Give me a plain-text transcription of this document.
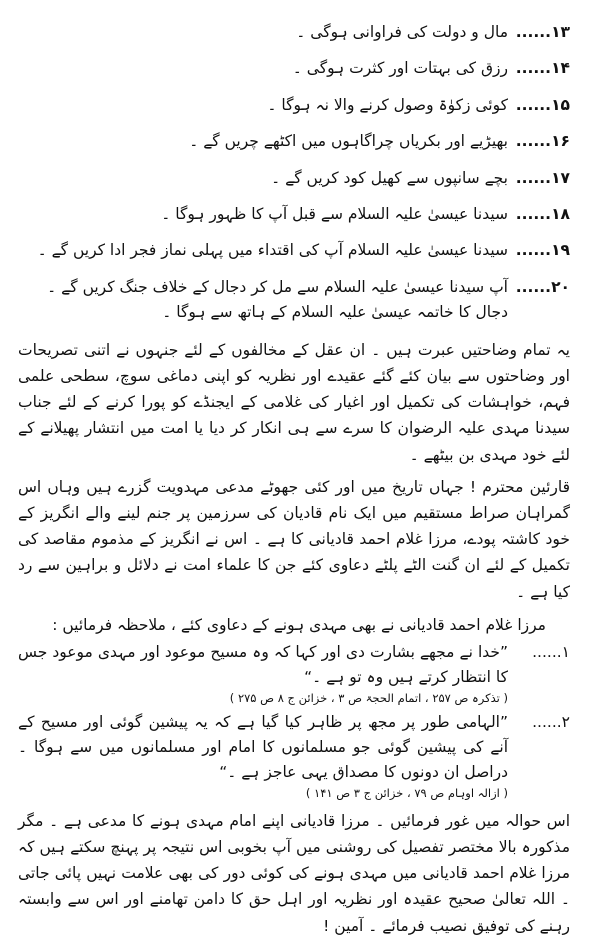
۱۳......
مال و دولت کی فراوانی ہوگی ۔
۱۴......
رزق کی بہتات اور کثرت ہوگی ۔
۱۵......
کوئی زکوٰۃ وصول کرنے والا نہ ہوگا ۔
۱۶......
بھیڑیے اور بکریاں چراگاہوں میں اکٹھے چریں گے ۔
۱۷......
بچے سانپوں سے کھیل کود کریں گے ۔
۱۸......
سیدنا عیسیٰ علیہ السلام سے قبل آپ کا ظہور ہوگا ۔
۱۹......
سیدنا عیسیٰ علیہ السلام آپ کی اقتداء میں پہلی نماز فجر ادا کریں گے ۔
۲۰......
آپ سیدنا عیسیٰ علیہ السلام سے مل کر دجال کے خلاف جنگ کریں گے ۔ دجال کا خاتمہ عیسیٰ علیہ السلام کے ہاتھ سے ہوگا ۔

یہ تمام وضاحتیں عبرت ہیں ۔ ان عقل کے مخالفوں کے لئے جنہوں نے اتنی تصریحات اور وضاحتوں سے بیان کئے گئے عقیدے اور نظریہ کو اپنی دماغی سوچ، سطحی علمی فہم، خواہشات کی تکمیل اور اغیار کی غلامی کے ایجنڈے کو پورا کرنے کے لئے جناب سیدنا مہدی علیہ الرضوان کا سرے سے ہی انکار کر دیا یا امت میں انتشار پھیلانے کے لئے خود مہدی بن بیٹھے ۔

قارئین محترم ! جہاں تاریخ میں اور کئی جھوٹے مدعی مہدویت گزرے ہیں وہاں اس گمراہان صراط مستقیم میں ایک نام قادیان کی سرزمین پر جنم لینے والے انگریز کے خود کاشتہ پودے، مرزا غلام احمد قادیانی کا ہے ۔ اس نے انگریز کے مذموم مقاصد کی تکمیل کے لئے ان گنت الٹے پلٹے دعاوی کئے جن کا علماء امت نے دلائل و براہین سے رد کیا ہے ۔

مرزا غلام احمد قادیانی نے بھی مہدی ہونے کے دعاوی کئے ، ملاحظہ فرمائیں :

۱......
”خدا نے مجھے بشارت دی اور کہا کہ وہ مسیح موعود اور مہدی موعود جس کا انتظار کرتے ہیں وہ تو ہے ۔“
( تذکرہ ص ۲۵۷ ، اتمام الحجۃ ص ۳ ، خزائن ج ۸ ص ۲۷۵ )
۲......
”الہامی طور پر مجھ پر ظاہر کیا گیا ہے کہ یہ پیشین گوئی اور مسیح کے آنے کی پیشین گوئی جو مسلمانوں کا امام اور مسلمانوں میں سے ہوگا ۔ دراصل ان دونوں کا مصداق یہی عاجز ہے ۔“
( ازالہ اوہام ص ۷۹ ، خزائن ج ۳ ص ۱۴۱ )

اس حوالہ میں غور فرمائیں ۔ مرزا قادیانی اپنے امام مہدی ہونے کا مدعی ہے ۔ مگر مذکورہ بالا مختصر تفصیل کی روشنی میں آپ بخوبی اس نتیجہ پر پہنچ سکتے ہیں کہ مرزا غلام احمد قادیانی میں مہدی ہونے کی کوئی دور کی بھی علامت نہیں پائی جاتی ۔ اللہ تعالیٰ صحیح عقیدہ اور نظریہ اور اہل حق کا دامن تھامنے اور اس سے وابستہ رہنے کی توفیق نصیب فرمائے ۔ آمین !
